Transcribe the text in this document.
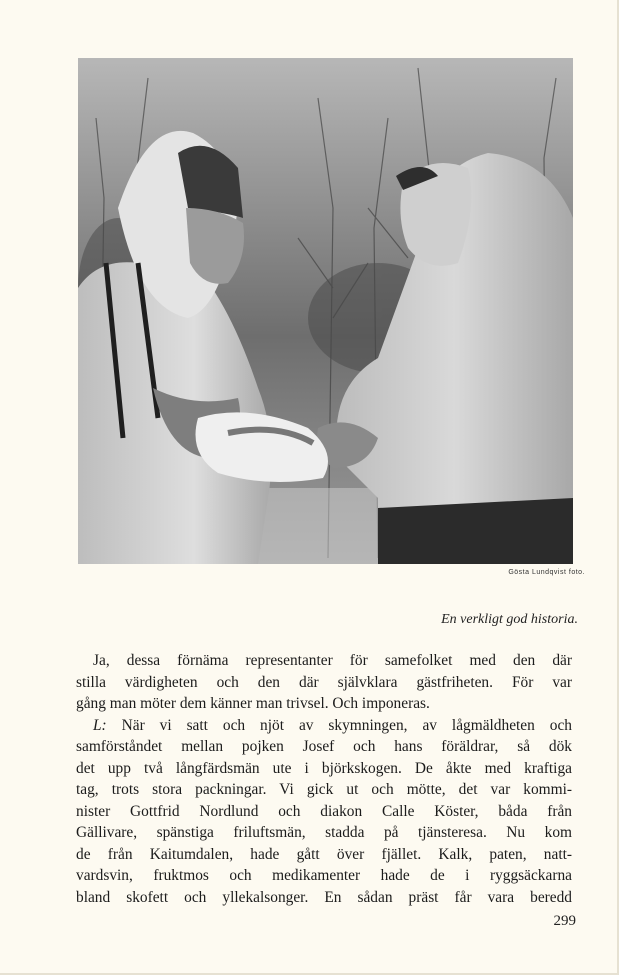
Gösta Lundqvist foto.
En verkligt god historia.
Ja, dessa förnäma representanter för samefolket med den där
stilla värdigheten och den där självklara gästfriheten. För var
gång man möter dem känner man trivsel. Och imponeras.
L: När vi satt och njöt av skymningen, av lågmäldheten och
samförståndet mellan pojken Josef och hans föräldrar, så dök
det upp två långfärdsmän ute i björkskogen. De åkte med kraftiga
tag, trots stora packningar. Vi gick ut och mötte, det var kommi-
nister Gottfrid Nordlund och diakon Calle Köster, båda från
Gällivare, spänstiga friluftsmän, stadda på tjänsteresa. Nu kom
de från Kaitumdalen, hade gått över fjället. Kalk, paten, natt-
vardsvin, fruktmos och medikamenter hade de i ryggsäckarna
bland skofett och yllekalsonger. En sådan präst får vara beredd
299
